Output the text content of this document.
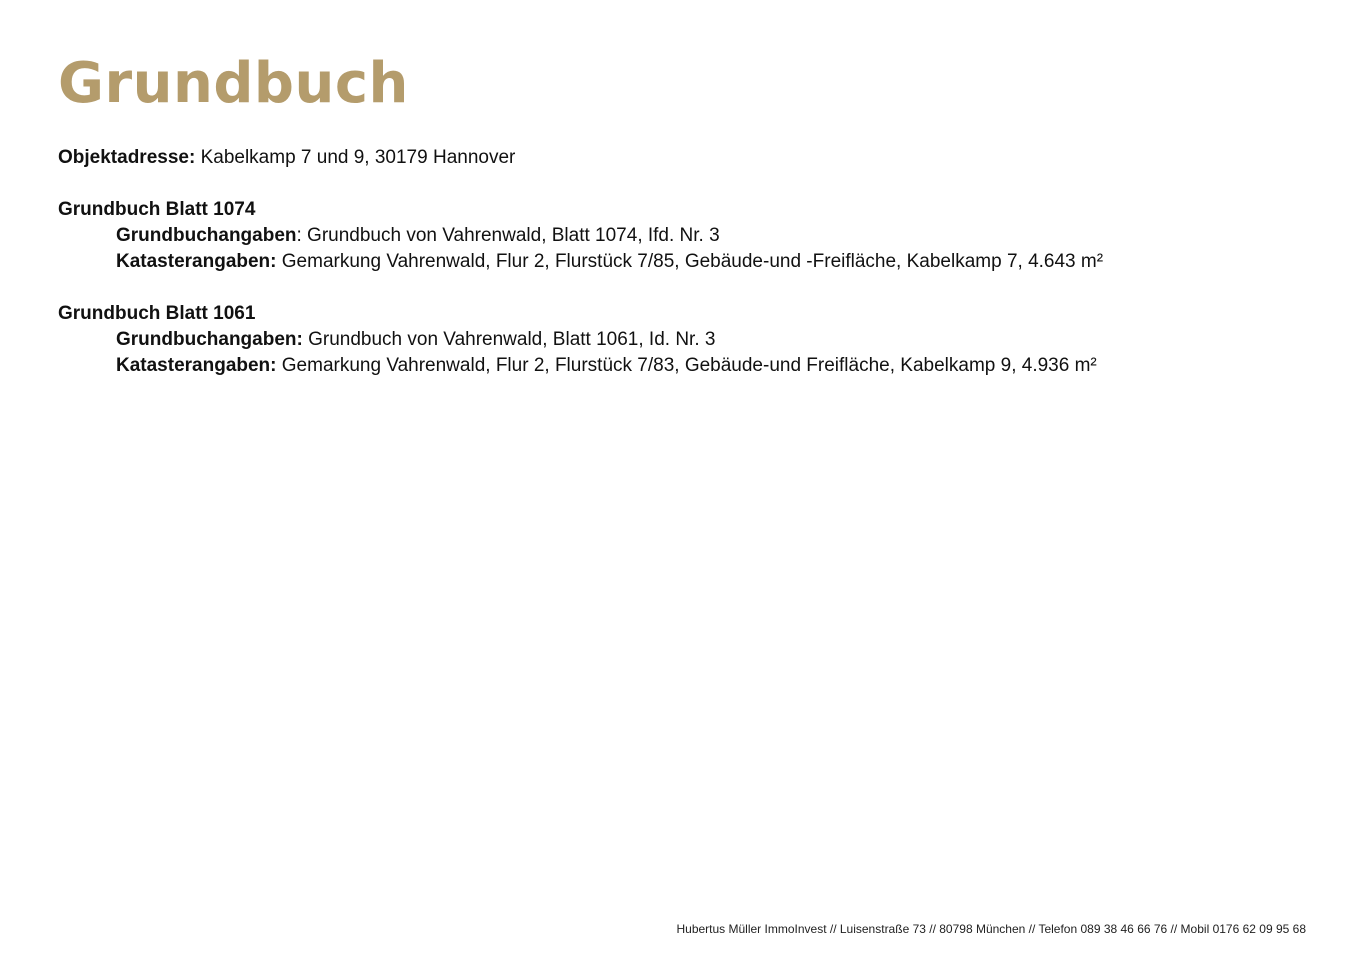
Grundbuch
Objektadresse: Kabelkamp 7 und 9, 30179 Hannover
Grundbuch Blatt 1074
Grundbuchangaben: Grundbuch von Vahrenwald, Blatt 1074, Ifd. Nr. 3
Katasterangaben: Gemarkung Vahrenwald, Flur 2, Flurstück 7/85, Gebäude-und -Freifläche, Kabelkamp 7, 4.643 m²
Grundbuch Blatt 1061
Grundbuchangaben: Grundbuch von Vahrenwald, Blatt 1061, Id. Nr. 3
Katasterangaben: Gemarkung Vahrenwald, Flur 2, Flurstück 7/83, Gebäude-und Freifläche, Kabelkamp 9, 4.936 m²
Hubertus Müller ImmoInvest // Luisenstraße 73 // 80798 München // Telefon 089 38 46 66 76 // Mobil 0176 62 09 95 68
